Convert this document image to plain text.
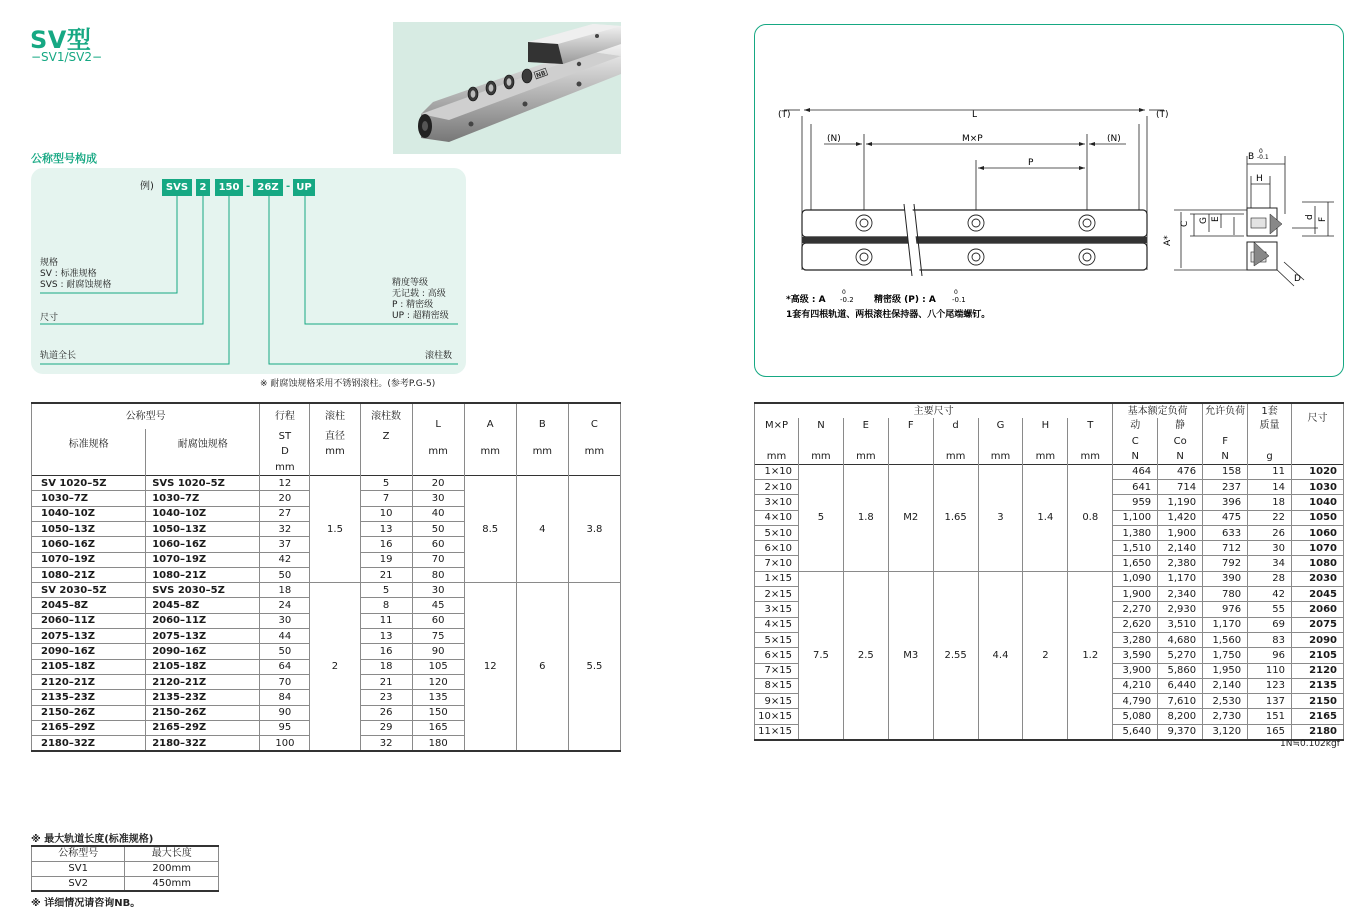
SV型
−SV1/SV2−
NB
公称型号构成
例)	SVS	2	150 - 26Z - UP
规格
SV : 标准规格
SVS : 耐腐蚀规格
尺寸
轨道全长
精度等级
无记载 : 高级
P : 精密级
UP : 超精密级
滚柱数
※ 耐腐蚀规格采用不锈钢滚柱。(参考P.G-5)
(T)	(T)
L
(N)	(N)
M×P
P
B -0.1
0
H
C G E
A*
d F
D
*高级 : A -0.2
0
精密级 (P) : A -0.1
0
1套有四根轨道、两根滚柱保持器、八个尾端螺钉。
公称型号		行程	滚柱	滚柱数	L	A	B	C
标准规格	耐腐蚀规格	ST	直径	Z				
		D	mm		mm	mm	mm	mm
		mm						
SV 1020–5Z	SVS 1020–5Z	12	1.5	5	20	8.5	4	3.8
1030–7Z	1030–7Z	20		7	30			
1040–10Z	1040–10Z	27		10	40			
1050–13Z	1050–13Z	32		13	50			
1060–16Z	1060–16Z	37		16	60			
1070–19Z	1070–19Z	42		19	70			
1080–21Z	1080–21Z	50		21	80			
SV 2030–5Z	SVS 2030–5Z	18	2	5	30	12	6	5.5
2045–8Z	2045–8Z	24		8	45			
2060–11Z	2060–11Z	30		11	60			
2075–13Z	2075–13Z	44		13	75			
2090–16Z	2090–16Z	50		16	90			
2105–18Z	2105–18Z	64		18	105			
2120–21Z	2120–21Z	70		21	120			
2135–23Z	2135–23Z	84		23	135			
2150–26Z	2150–26Z	90		26	150			
2165–29Z	2165–29Z	95		29	165			
2180–32Z	2180–32Z	100		32	180			
主要尺寸								基本额定负荷		允许负荷	1套	尺寸
M×P	N	E	F	d	G	H	T	动	静		质量	
								C	Co	F		
mm	mm	mm		mm	mm	mm	mm	N	N	N	g	
1×10	5	1.8	M2	1.65	3	1.4	0.8	464	476	158	11	1020
2×10								641	714	237	14	1030
3×10								959	1,190	396	18	1040
4×10								1,100	1,420	475	22	1050
5×10								1,380	1,900	633	26	1060
6×10								1,510	2,140	712	30	1070
7×10								1,650	2,380	792	34	1080
1×15	7.5	2.5	M3	2.55	4.4	2	1.2	1,090	1,170	390	28	2030
2×15								1,900	2,340	780	42	2045
3×15								2,270	2,930	976	55	2060
4×15								2,620	3,510	1,170	69	2075
5×15								3,280	4,680	1,560	83	2090
6×15								3,590	5,270	1,750	96	2105
7×15								3,900	5,860	1,950	110	2120
8×15								4,210	6,440	2,140	123	2135
9×15								4,790	7,610	2,530	137	2150
10×15								5,080	8,200	2,730	151	2165
11×15								5,640	9,370	3,120	165	2180
1N≒0.102kgf
※ 最大轨道长度(标准规格)
公称型号	最大长度
SV1	200mm
SV2	450mm
※ 详细情况请咨询NB。
